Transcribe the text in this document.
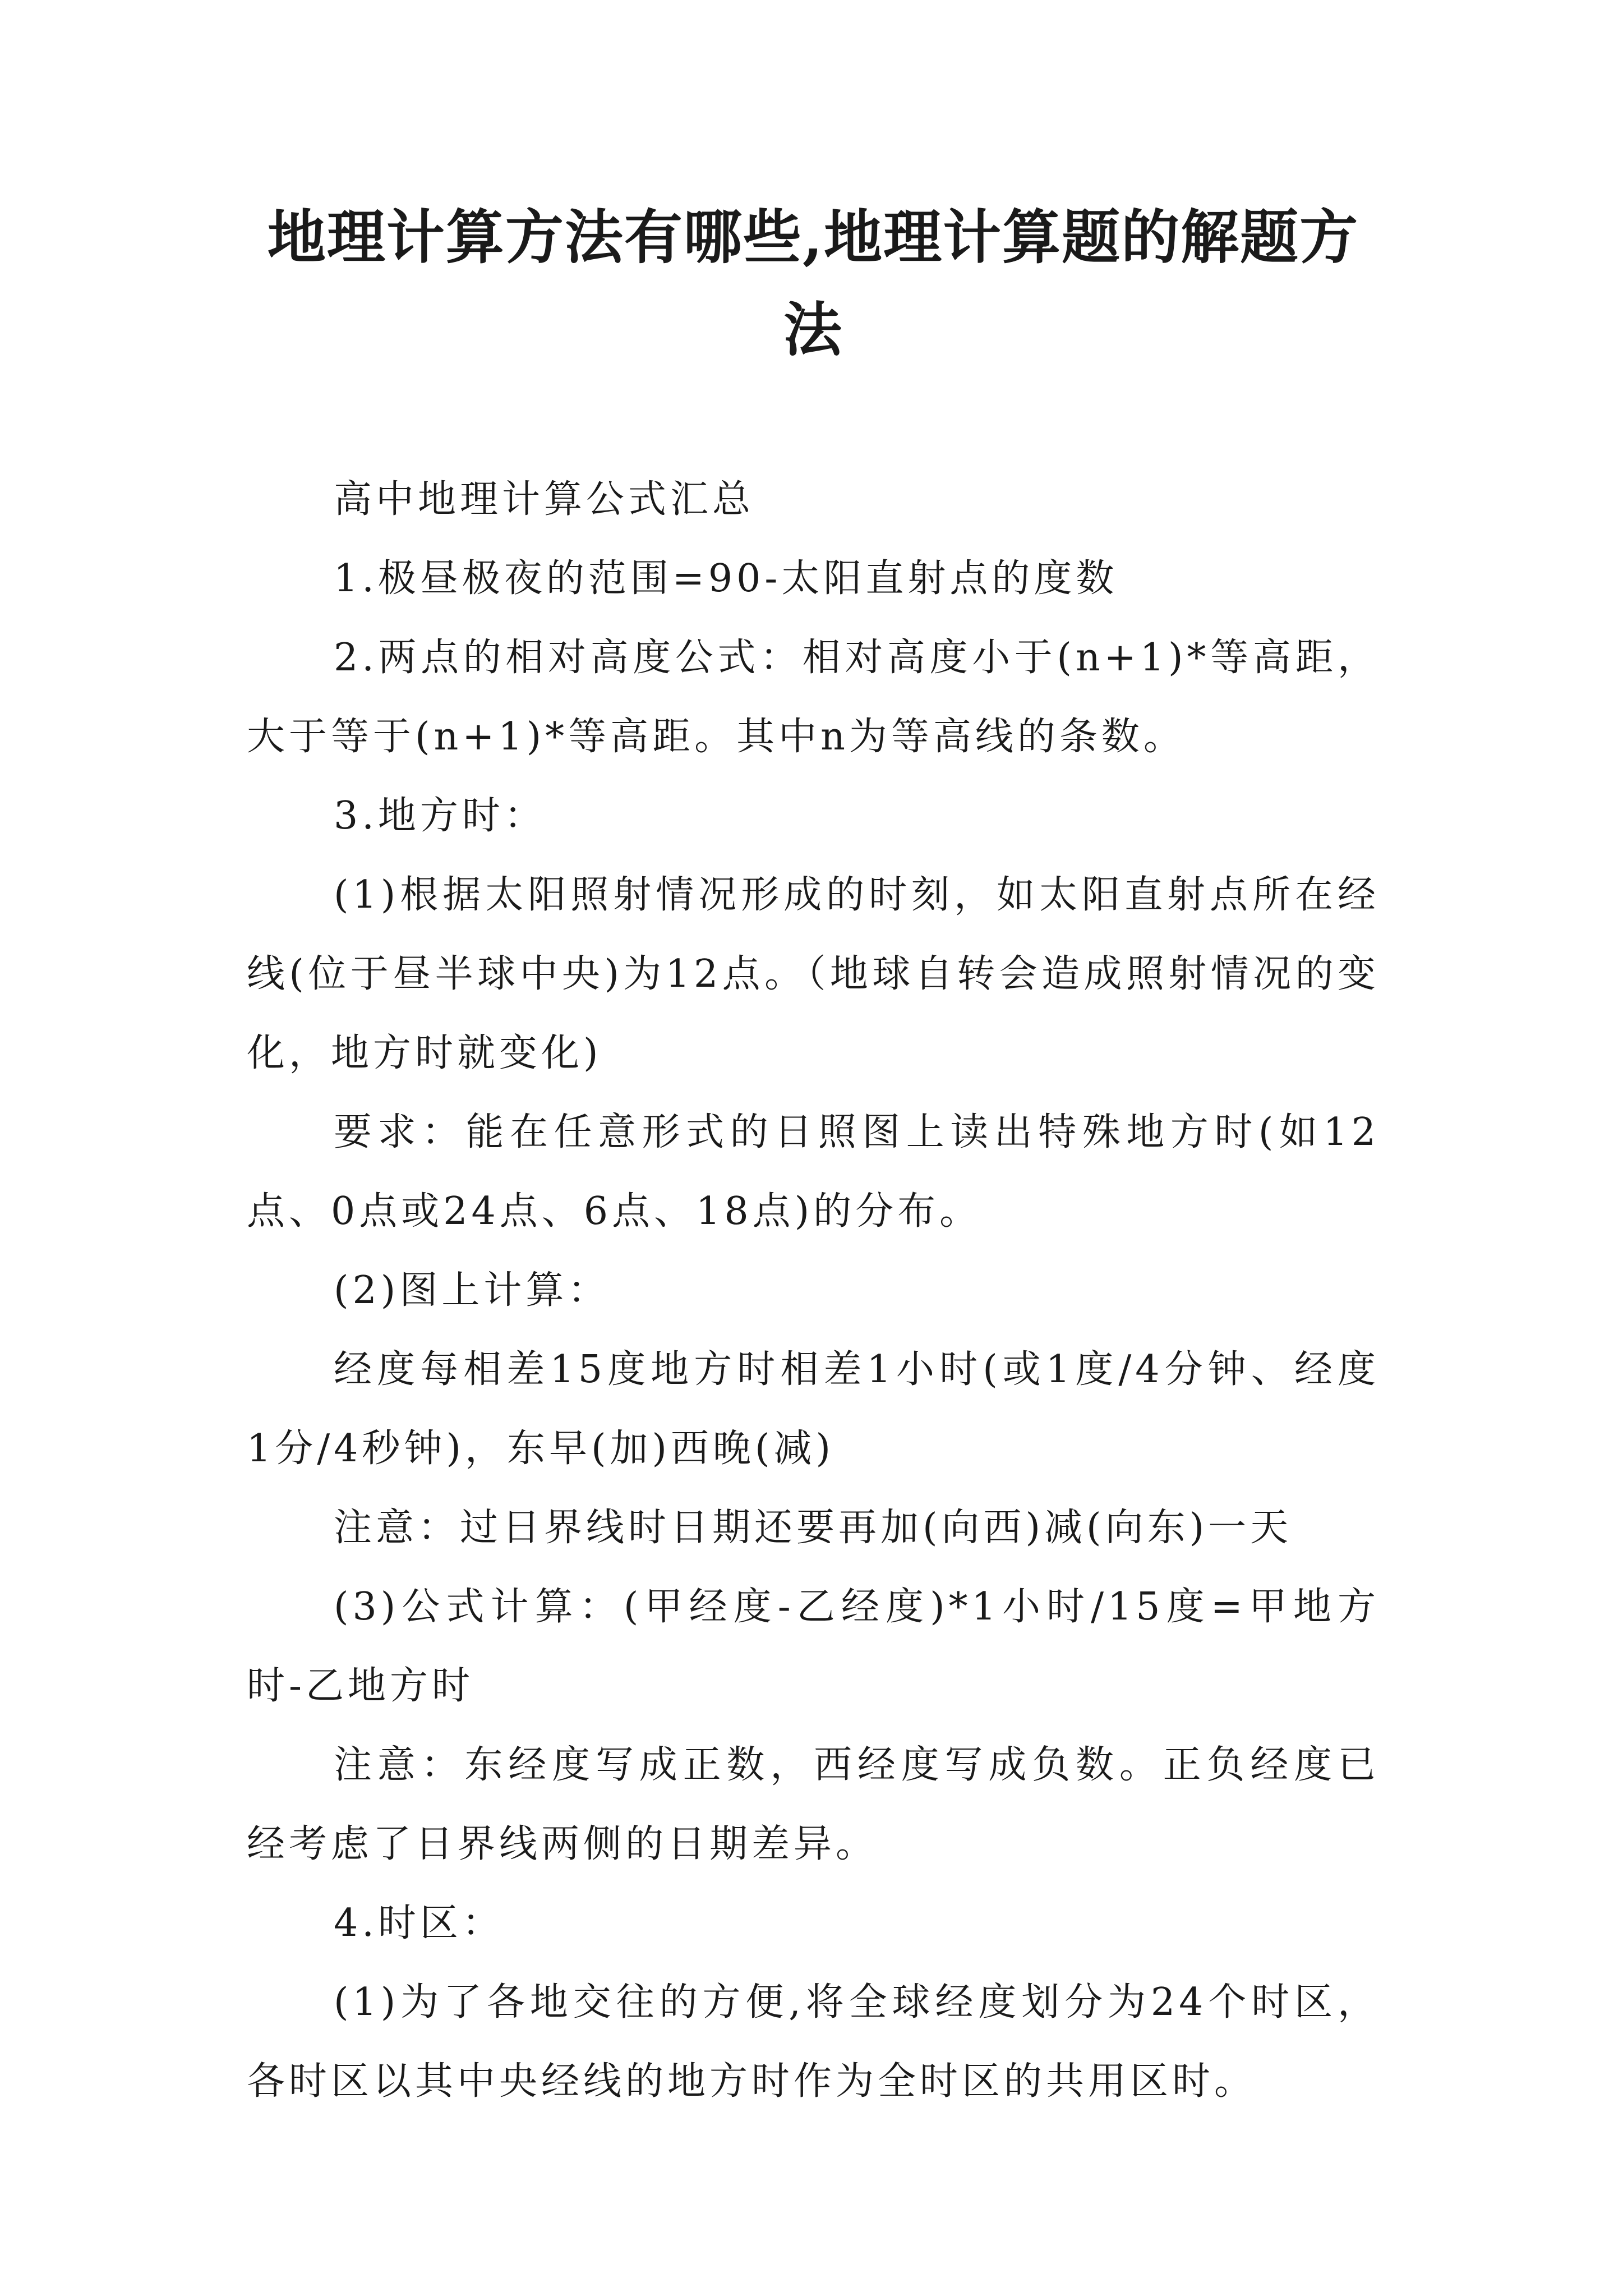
地理计算方法有哪些,地理计算题的解题方法

高中地理计算公式汇总

1.极昼极夜的范围=90-太阳直射点的度数

2.两点的相对高度公式：相对高度小于(n+1)*等高距，大于等于(n+1)*等高距。其中n为等高线的条数。

3.地方时：

(1)根据太阳照射情况形成的时刻，如太阳直射点所在经线(位于昼半球中央)为12点。（地球自转会造成照射情况的变化，地方时就变化)

要求：能在任意形式的日照图上读出特殊地方时(如12点、0点或24点、6点、18点)的分布。

(2)图上计算：

经度每相差15度地方时相差1小时(或1度/4分钟、经度1分/4秒钟)，东早(加)西晚(减)

注意：过日界线时日期还要再加(向西)减(向东)一天

(3)公式计算：(甲经度-乙经度)*1小时/15度=甲地方时-乙地方时

注意：东经度写成正数，西经度写成负数。正负经度已经考虑了日界线两侧的日期差异。

4.时区：

(1)为了各地交往的方便,将全球经度划分为24个时区，各时区以其中央经线的地方时作为全时区的共用区时。
